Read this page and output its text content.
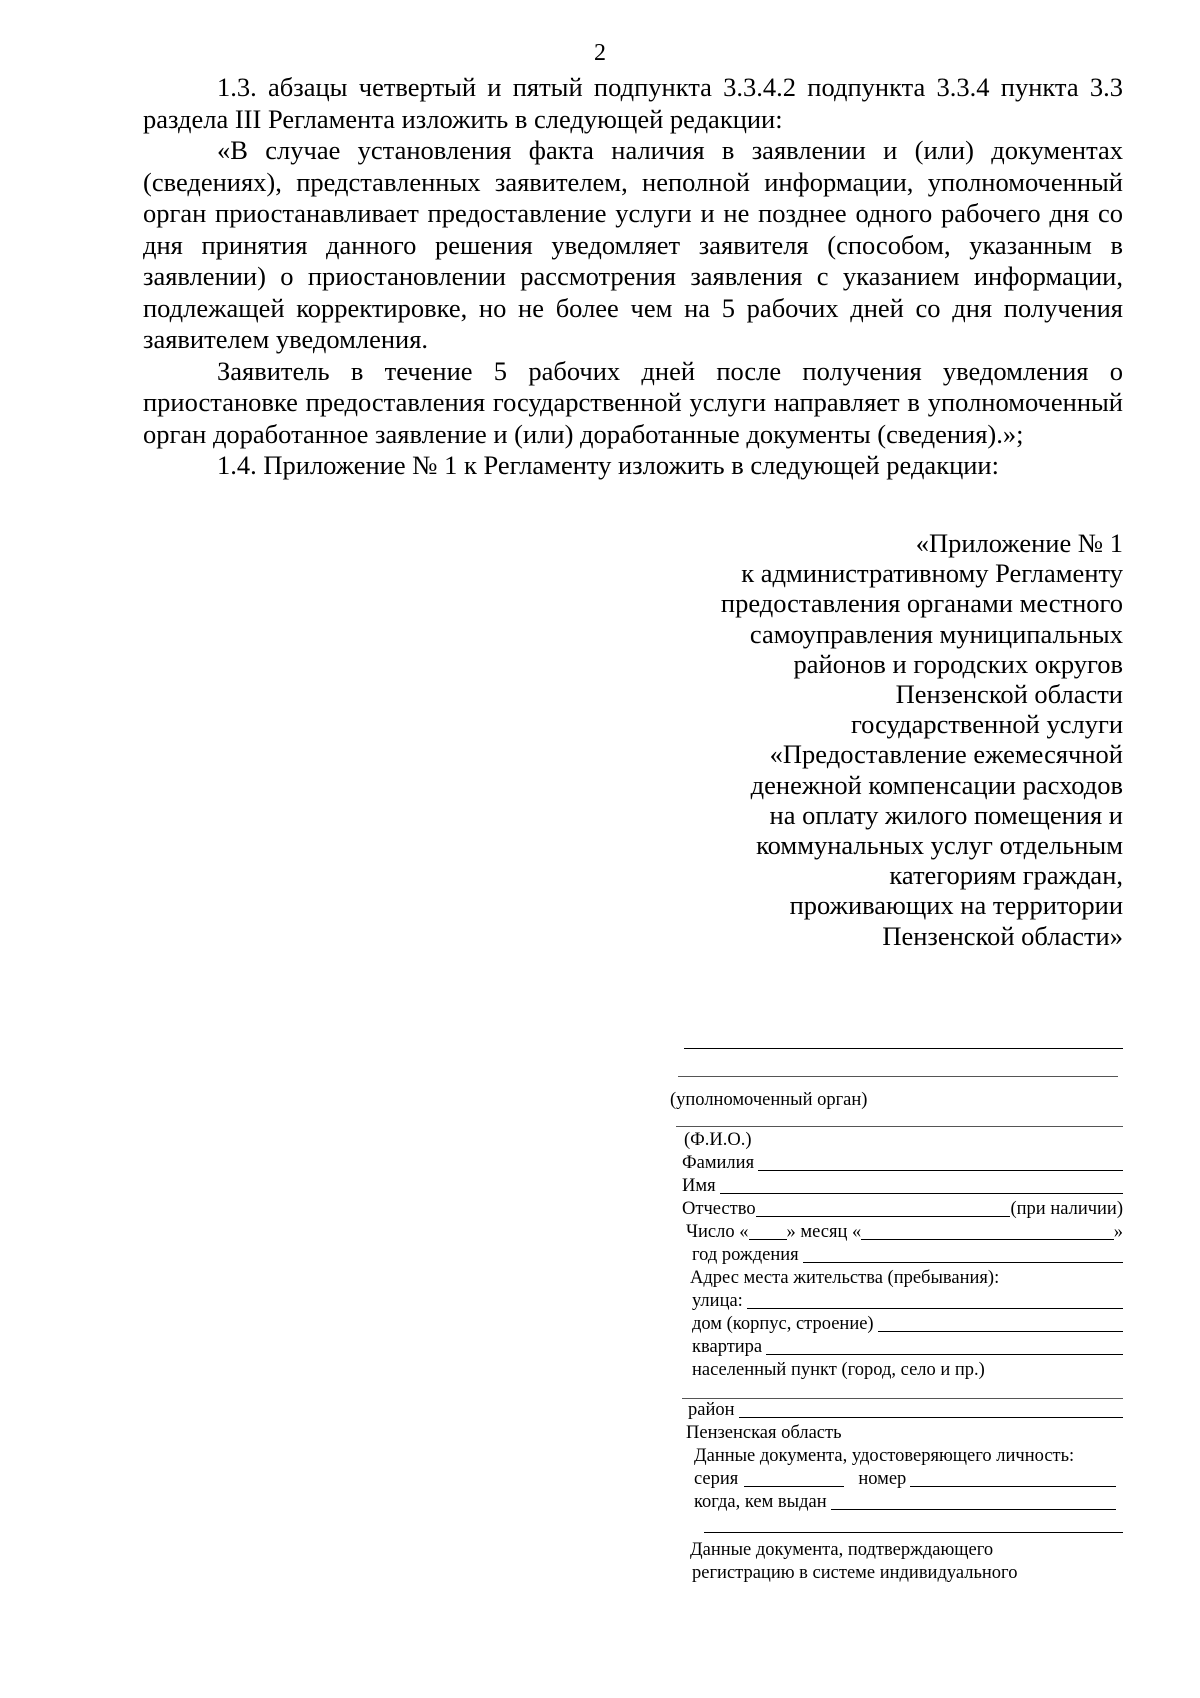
2

1.3. абзацы четвертый и пятый подпункта 3.3.4.2 подпункта 3.3.4 пункта 3.3 раздела III Регламента изложить в следующей редакции:

«В случае установления факта наличия в заявлении и (или) документах (сведениях), представленных заявителем, неполной информации, уполномоченный орган приостанавливает предоставление услуги и не позднее одного рабочего дня со дня принятия данного решения уведомляет заявителя (способом, указанным в заявлении) о приостановлении рассмотрения заявления с указанием информации, подлежащей корректировке, но не более чем на 5 рабочих дней со дня получения заявителем уведомления.

Заявитель в течение 5 рабочих дней после получения уведомления о приостановке предоставления государственной услуги направляет в уполномоченный орган доработанное заявление и (или) доработанные документы (сведения).»;

1.4. Приложение № 1 к Регламенту изложить в следующей редакции:

«Приложение № 1
к административному Регламенту
предоставления органами местного
самоуправления муниципальных
районов и городских округов
Пензенской области
государственной услуги
«Предоставление ежемесячной
денежной компенсации расходов
на оплату жилого помещения и
коммунальных услуг отдельным
категориям граждан,
проживающих на территории
Пензенской области»
(уполномоченный орган)
(Ф.И.О.)
Фамилия
Имя
Отчество	(при наличии)
Число « » месяц «	»
год рождения
Адрес места жительства (пребывания):
улица:
дом (корпус, строение)
квартира
населенный пункт (город, село и пр.)
район
Пензенская область
Данные документа, удостоверяющего личность:
серия	номер
когда, кем выдан
Данные документа, подтверждающего
регистрацию в системе индивидуального
